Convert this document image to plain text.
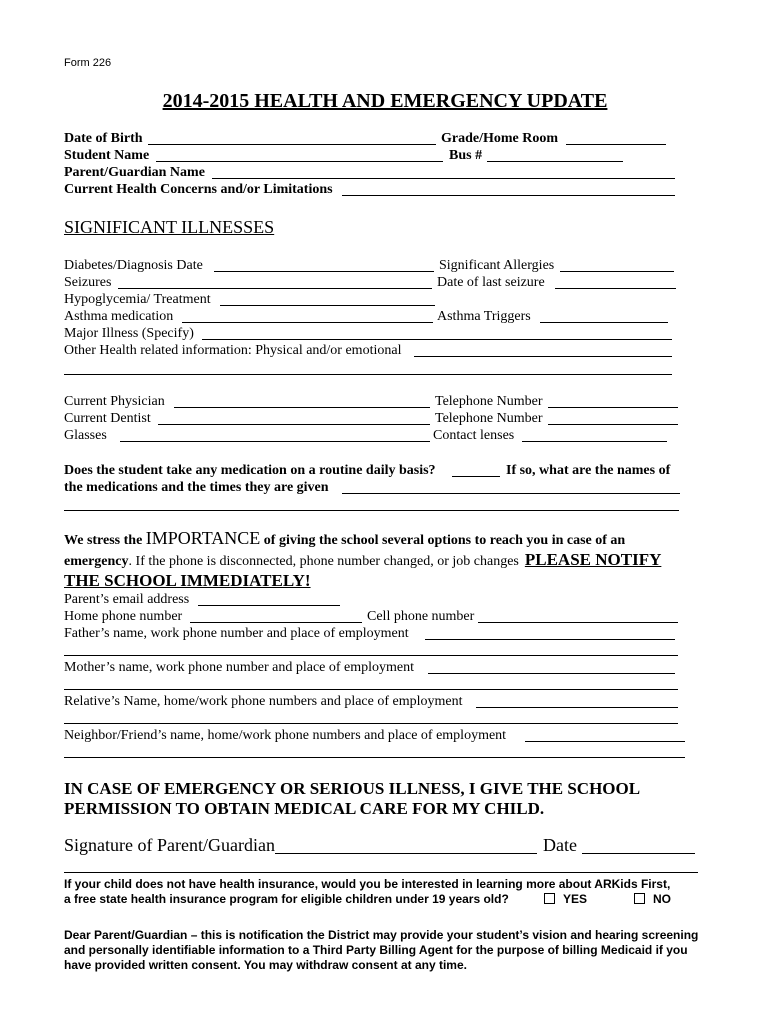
Form 226
2014-2015 HEALTH AND EMERGENCY UPDATE
Date of Birth	Grade/Home Room
Student Name	Bus #
Parent/Guardian Name
Current Health Concerns and/or Limitations
SIGNIFICANT ILLNESSES
Diabetes/Diagnosis Date	Significant Allergies
Seizures	Date of last seizure
Hypoglycemia/ Treatment
Asthma medication	Asthma Triggers
Major Illness (Specify)
Other Health related information: Physical and/or emotional
Current Physician	Telephone Number
Current Dentist	Telephone Number
Glasses	Contact lenses
Does the student take any medication on a routine daily basis?	If so, what are the names of
the medications and the times they are given
We stress the IMPORTANCE of giving the school several options to reach you in case of an
emergency. If the phone is disconnected, phone number changed, or job changes PLEASE NOTIFY
THE SCHOOL IMMEDIATELY!
Parent’s email address
Home phone number	Cell phone number
Father’s name, work phone number and place of employment
Mother’s name, work phone number and place of employment
Relative’s Name, home/work phone numbers and place of employment
Neighbor/Friend’s name, home/work phone numbers and place of employment
IN CASE OF EMERGENCY OR SERIOUS ILLNESS, I GIVE THE SCHOOL
PERMISSION TO OBTAIN MEDICAL CARE FOR MY CHILD.
Signature of Parent/Guardian	Date
If your child does not have health insurance, would you be interested in learning more about ARKids First,
a free state health insurance program for eligible children under 19 years old?	YES	NO
Dear Parent/Guardian – this is notification the District may provide your student’s vision and hearing screening
and personally identifiable information to a Third Party Billing Agent for the purpose of billing Medicaid if you
have provided written consent. You may withdraw consent at any time.
